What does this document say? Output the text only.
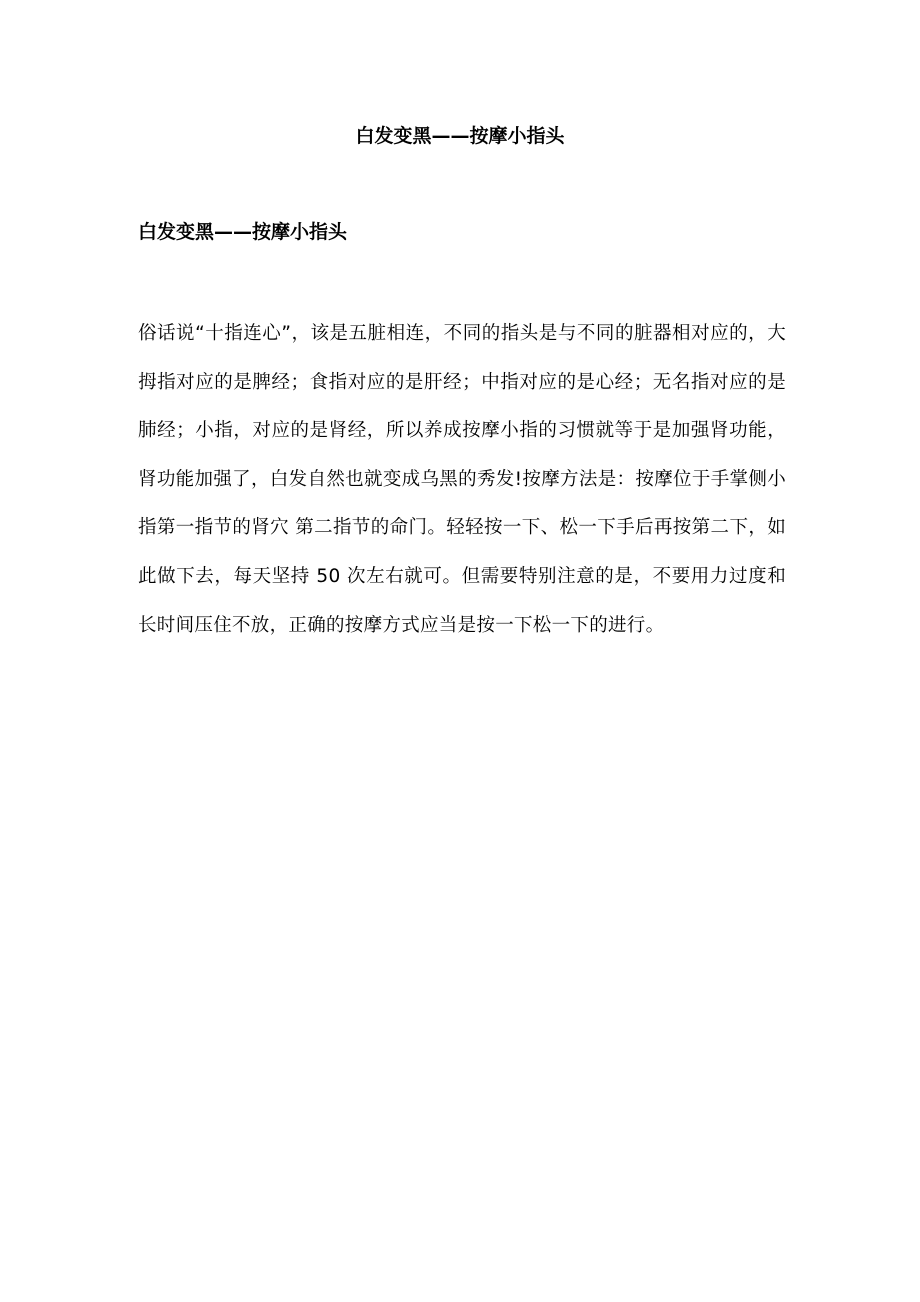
白发变黑——按摩小指头
白发变黑——按摩小指头

俗话说“十指连心”，该是五脏相连，不同的指头是与不同的脏器相对应的，大拇指对应的是脾经；食指对应的是肝经；中指对应的是心经；无名指对应的是肺经；小指，对应的是肾经，所以养成按摩小指的习惯就等于是加强肾功能，肾功能加强了，白发自然也就变成乌黑的秀发!按摩方法是：按摩位于手掌侧小指第一指节的肾穴 第二指节的命门。轻轻按一下、松一下手后再按第二下，如此做下去，每天坚持 50 次左右就可。但需要特别注意的是，不要用力过度和长时间压住不放，正确的按摩方式应当是按一下松一下的进行。
